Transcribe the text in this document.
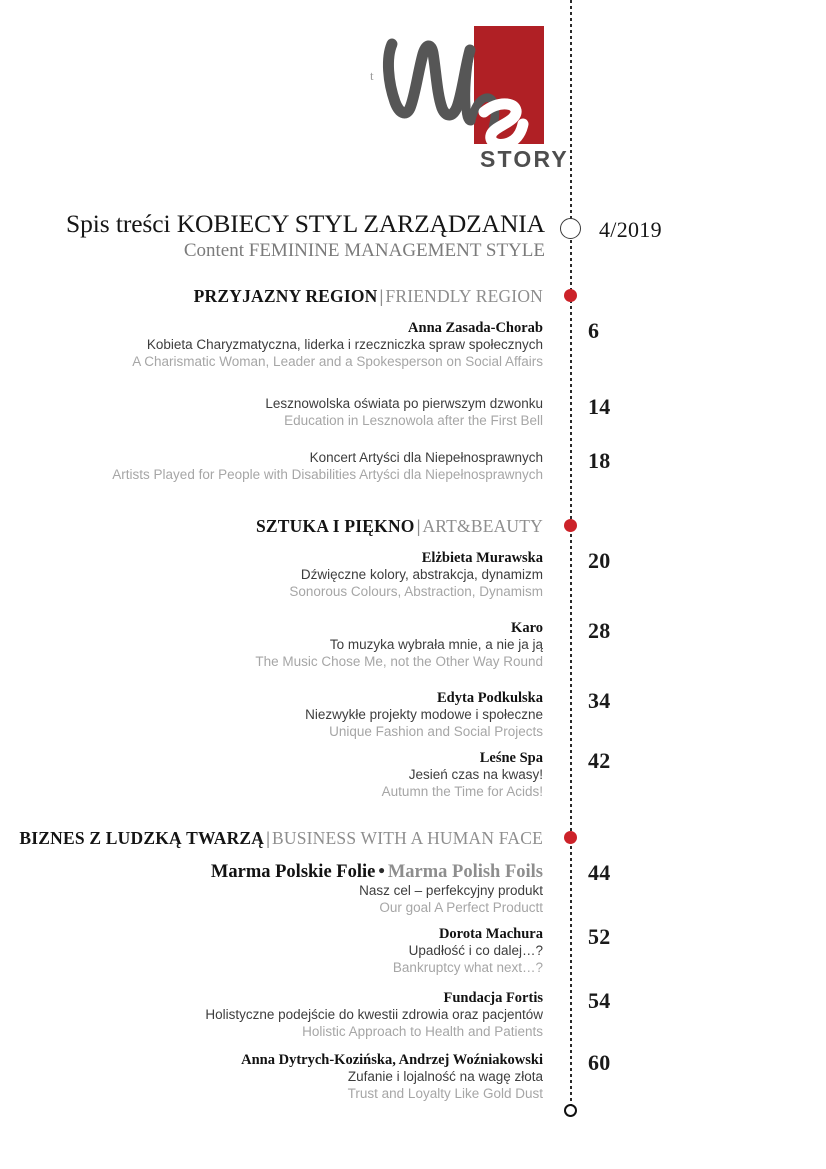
t
STORY
Spis treści KOBIECY STYL ZARZĄDZANIA
Content FEMININE MANAGEMENT STYLE
4/2019
PRZYJAZNY REGION | FRIENDLY REGION
Anna Zasada-Chorab
Kobieta Charyzmatyczna, liderka i rzeczniczka spraw społecznych
A Charismatic Woman, Leader and a Spokesperson on Social Affairs
6
Lesznowolska oświata po pierwszym dzwonku
Education in Lesznowola after the First Bell
14
Koncert Artyści dla Niepełnosprawnych
Artists Played for People with Disabilities Artyści dla Niepełnosprawnych
18
SZTUKA I PIĘKNO | ART&BEAUTY
Elżbieta Murawska
Dźwięczne kolory, abstrakcja, dynamizm
Sonorous Colours, Abstraction, Dynamism
20
Karo
To muzyka wybrała mnie, a nie ja ją
The Music Chose Me, not the Other Way Round
28
Edyta Podkulska
Niezwykłe projekty modowe i społeczne
Unique Fashion and Social Projects
34
Leśne Spa
Jesień czas na kwasy!
Autumn the Time for Acids!
42
BIZNES Z LUDZKĄ TWARZĄ | BUSINESS WITH A HUMAN FACE
Marma Polskie Folie • Marma Polish Foils
Nasz cel – perfekcyjny produkt
Our goal A Perfect Productt
44
Dorota Machura
Upadłość i co dalej…?
Bankruptcy what next…?
52
Fundacja Fortis
Holistyczne podejście do kwestii zdrowia oraz pacjentów
Holistic Approach to Health and Patients
54
Anna Dytrych-Kozińska, Andrzej Woźniakowski
Zufanie i lojalność na wagę złota
Trust and Loyalty Like Gold Dust
60
